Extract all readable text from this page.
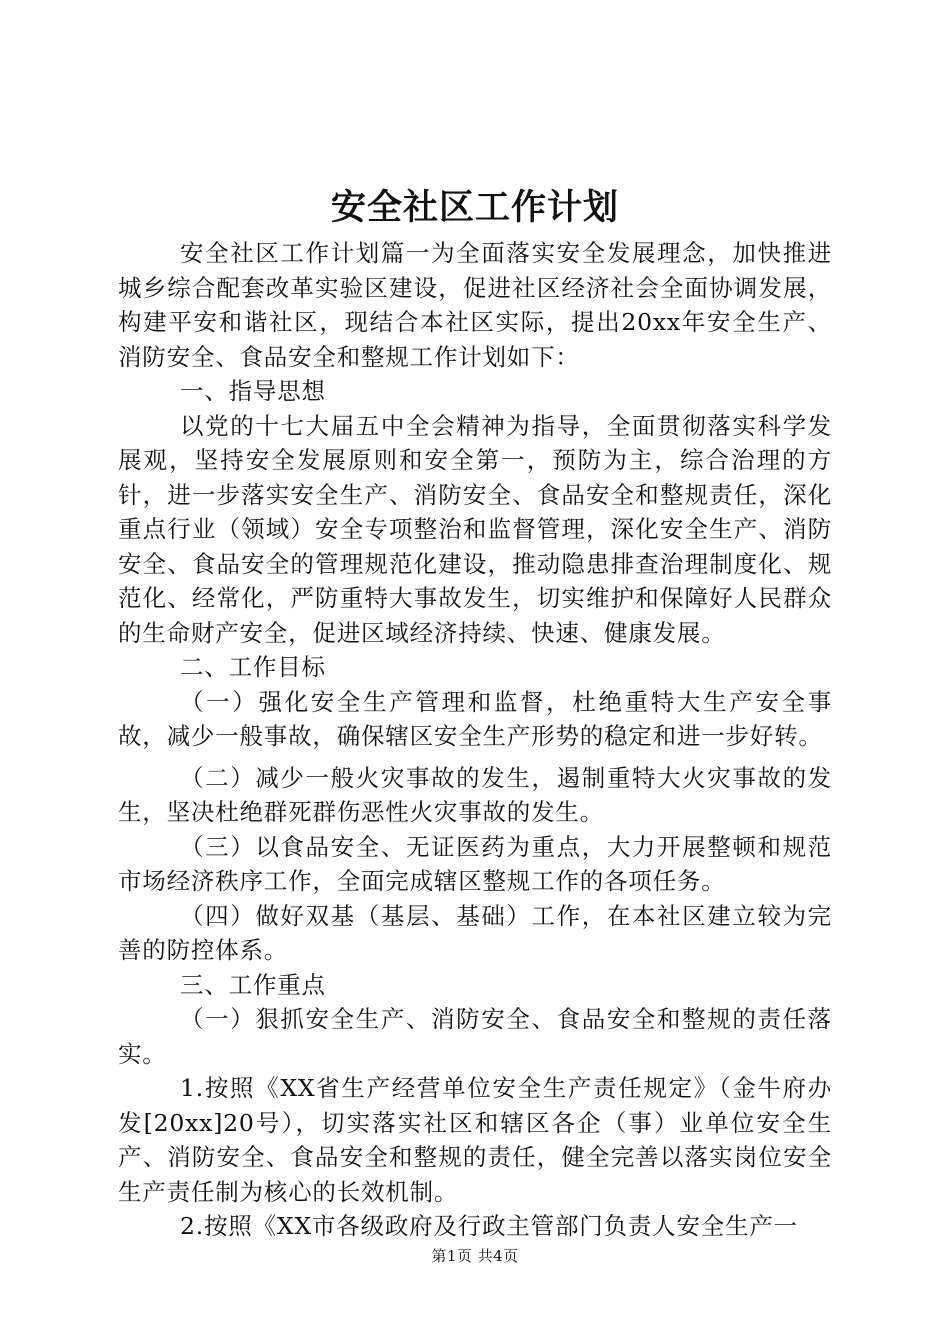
安全社区工作计划

安全社区工作计划篇一为全面落实安全发展理念，加快推进城乡综合配套改革实验区建设，促进社区经济社会全面协调发展，构建平安和谐社区，现结合本社区实际，提出20xx年安全生产、消防安全、食品安全和整规工作计划如下：

一、指导思想

以党的十七大届五中全会精神为指导，全面贯彻落实科学发展观，坚持安全发展原则和安全第一，预防为主，综合治理的方针，进一步落实安全生产、消防安全、食品安全和整规责任，深化重点行业（领域）安全专项整治和监督管理，深化安全生产、消防安全、食品安全的管理规范化建设，推动隐患排查治理制度化、规范化、经常化，严防重特大事故发生，切实维护和保障好人民群众的生命财产安全，促进区域经济持续、快速、健康发展。

二、工作目标

（一）强化安全生产管理和监督，杜绝重特大生产安全事故，减少一般事故，确保辖区安全生产形势的稳定和进一步好转。

（二）减少一般火灾事故的发生，遏制重特大火灾事故的发生，坚决杜绝群死群伤恶性火灾事故的发生。

（三）以食品安全、无证医药为重点，大力开展整顿和规范市场经济秩序工作，全面完成辖区整规工作的各项任务。

（四）做好双基（基层、基础）工作，在本社区建立较为完善的防控体系。

三、工作重点

（一）狠抓安全生产、消防安全、食品安全和整规的责任落实。

1.按照《XX省生产经营单位安全生产责任规定》（金牛府办发[20xx]20号），切实落实社区和辖区各企（事）业单位安全生产、消防安全、食品安全和整规的责任，健全完善以落实岗位安全生产责任制为核心的长效机制。

2.按照《XX市各级政府及行政主管部门负责人安全生产一

第1页 共4页
